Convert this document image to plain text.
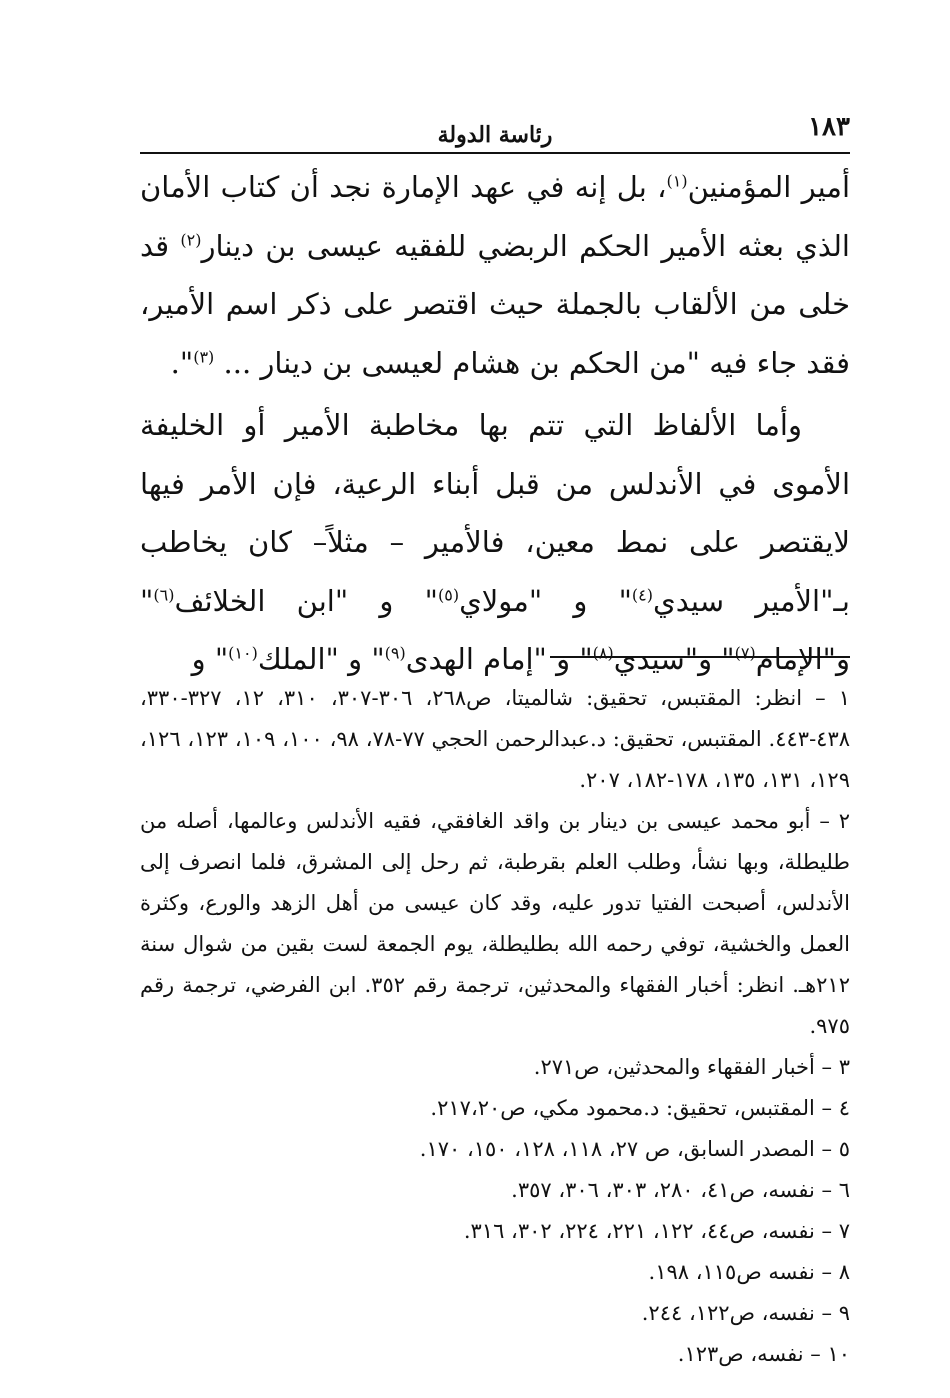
١٨٣
رئاسة الدولة

أمير المؤمنين$^{(١)}$، بل إنه في عهد الإمارة نجد أن كتاب الأمان الذي بعثه الأمير الحكم الربضي للفقيه عيسى بن دينار$^{(٢)}$ قد خلى من الألقاب بالجملة حيث اقتصر على ذكر اسم الأمير، فقد جاء فيه "من الحكم بن هشام لعيسى بن دينار ... $^{(٣)}$".

وأما الألفاظ التي تتم بها مخاطبة الأمير أو الخليفة الأموى في الأندلس من قبل أبناء الرعية، فإن الأمر فيها لايقتصر على نمط معين، فالأمير – مثلاً– كان يخاطب بـ"الأمير سيدي$^{(٤)}$" و "مولاي$^{(٥)}$" و "ابن الخلائف$^{(٦)}$" و"الإمام$^{(٧)}$" و"سيدي$^{(٨)}$" و "إمام الهدى$^{(٩)}$" و "الملك$^{(١٠)}$" و

١ – انظر: المقتبس، تحقيق: شالميتا، ص٢٦٨، ٣٠٦-٣٠٧، ٣١٠، ١٢، ٣٢٧-٣٣٠، ٤٣٨-٤٤٣. المقتبس، تحقيق: د.عبدالرحمن الحجي ٧٧-٧٨، ٩٨، ١٠٠، ١٠٩، ١٢٣، ١٢٦، ١٢٩، ١٣١، ١٣٥، ١٧٨-١٨٢، ٢٠٧.

٢ – أبو محمد عيسى بن دينار بن واقد الغافقي، فقيه الأندلس وعالمها، أصله من طليطلة، وبها نشأ، وطلب العلم بقرطبة، ثم رحل إلى المشرق، فلما انصرف إلى الأندلس، أصبحت الفتيا تدور عليه، وقد كان عيسى من أهل الزهد والورع، وكثرة العمل والخشية، توفي رحمه الله بطليطلة، يوم الجمعة لست بقين من شوال سنة ٢١٢هـ. انظر: أخبار الفقهاء والمحدثين، ترجمة رقم ٣٥٢. ابن الفرضي، ترجمة رقم ٩٧٥.

٣ – أخبار الفقهاء والمحدثين، ص٢٧١.

٤ – المقتبس، تحقيق: د.محمود مكي، ص٢١٧،٢٠.

٥ – المصدر السابق، ص ٢٧، ١١٨، ١٢٨، ١٥٠، ١٧٠.

٦ – نفسه، ص٤١، ٢٨٠، ٣٠٣، ٣٠٦، ٣٥٧.

٧ – نفسه، ص٤٤، ١٢٢، ٢٢١، ٢٢٤، ٣٠٢، ٣١٦.

٨ – نفسه ص١١٥، ١٩٨.

٩ – نفسه، ص١٢٢، ٢٤٤.

١٠ – نفسه، ص١٢٣.
